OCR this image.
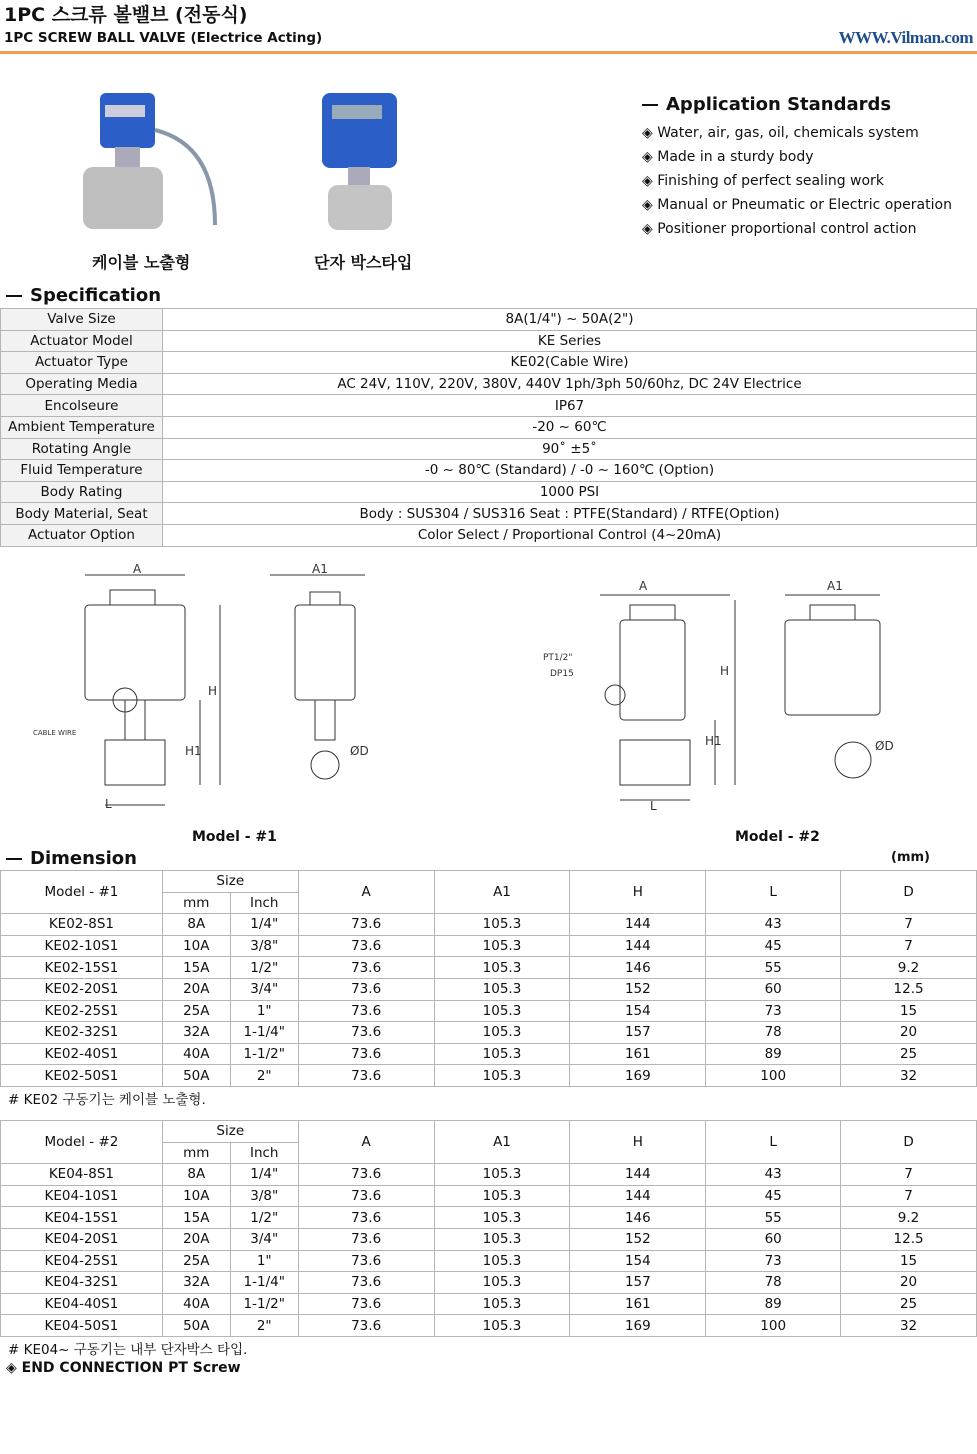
1PC 스크류 볼밸브 (전동식)
1PC SCREW BALL VALVE (Electrice Acting)	WWW.Vilman.com
케이블 노출형	단자 박스타입
Application Standards
◈ Water, air, gas, oil, chemicals system
◈ Made in a sturdy body
◈ Finishing of perfect sealing work
◈ Manual or Pneumatic or Electric operation
◈ Positioner proportional control action
Specification
Valve Size	8A(1/4") ~ 50A(2")
Actuator Model	KE Series
Actuator Type	KE02(Cable Wire)
Operating Media	AC 24V, 110V, 220V, 380V, 440V 1ph/3ph 50/60hz, DC 24V Electrice
Encolseure	IP67
Ambient Temperature	-20 ~ 60℃
Rotating Angle	90˚ ±5˚
Fluid Temperature	-0 ~ 80℃ (Standard) / -0 ~ 160℃ (Option)
Body Rating	1000 PSI
Body Material, Seat	Body : SUS304 / SUS316 Seat : PTFE(Standard) / RTFE(Option)
Actuator Option	Color Select / Proportional Control (4~20mA)
A	A1
H
H1
L
ØD
CABLE WIRE
A	A1
H
H1
L
ØD
PT1/2"
DP15
Model - #1	Model - #2
Dimension	(mm)
Model - #1	Size		A	A1	H	L	D
	mm	Inch					
KE02-8S1	8A	1/4"	73.6	105.3	144	43	7
KE02-10S1	10A	3/8"	73.6	105.3	144	45	7
KE02-15S1	15A	1/2"	73.6	105.3	146	55	9.2
KE02-20S1	20A	3/4"	73.6	105.3	152	60	12.5
KE02-25S1	25A	1"	73.6	105.3	154	73	15
KE02-32S1	32A	1-1/4"	73.6	105.3	157	78	20
KE02-40S1	40A	1-1/2"	73.6	105.3	161	89	25
KE02-50S1	50A	2"	73.6	105.3	169	100	32
# KE02 구동기는 케이블 노출형.
Model - #2	Size		A	A1	H	L	D
	mm	Inch					
KE04-8S1	8A	1/4"	73.6	105.3	144	43	7
KE04-10S1	10A	3/8"	73.6	105.3	144	45	7
KE04-15S1	15A	1/2"	73.6	105.3	146	55	9.2
KE04-20S1	20A	3/4"	73.6	105.3	152	60	12.5
KE04-25S1	25A	1"	73.6	105.3	154	73	15
KE04-32S1	32A	1-1/4"	73.6	105.3	157	78	20
KE04-40S1	40A	1-1/2"	73.6	105.3	161	89	25
KE04-50S1	50A	2"	73.6	105.3	169	100	32
# KE04~ 구동기는 내부 단자박스 타입.
◈ END CONNECTION PT Screw
